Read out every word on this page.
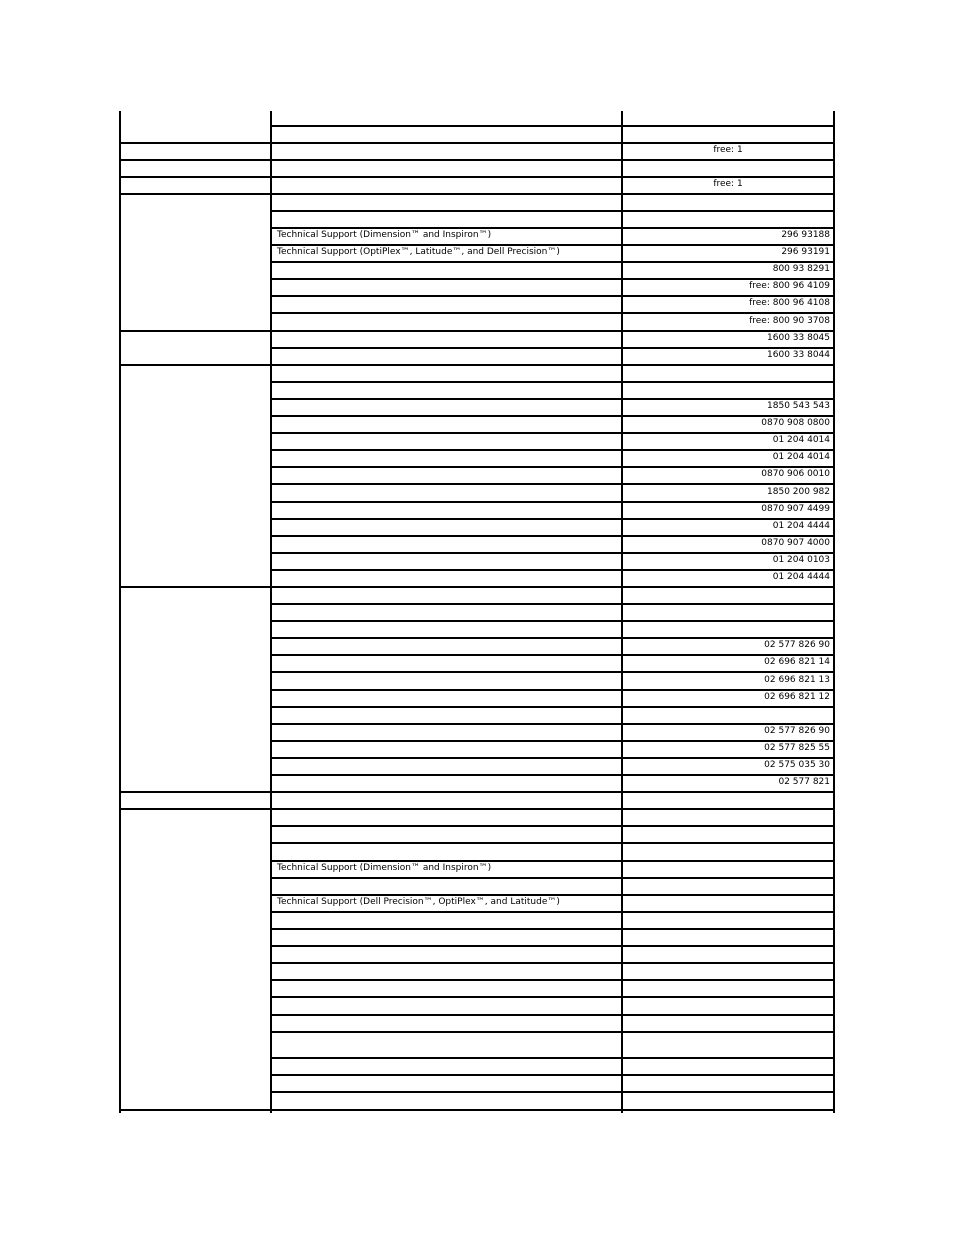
free: 1
free: 1
Technical Support (Dimension™ and Inspiron™)	296 93188
Technical Support (OptiPlex™, Latitude™, and Dell Precision™)	296 93191
800 93 8291
free: 800 96 4109
free: 800 96 4108
free: 800 90 3708
1600 33 8045
1600 33 8044
1850 543 543
0870 908 0800
01 204 4014
01 204 4014
0870 906 0010
1850 200 982
0870 907 4499
01 204 4444
0870 907 4000
01 204 0103
01 204 4444
02 577 826 90
02 696 821 14
02 696 821 13
02 696 821 12
02 577 826 90
02 577 825 55
02 575 035 30
02 577 821
Technical Support (Dimension™ and Inspiron™)
Technical Support (Dell Precision™, OptiPlex™, and Latitude™)
